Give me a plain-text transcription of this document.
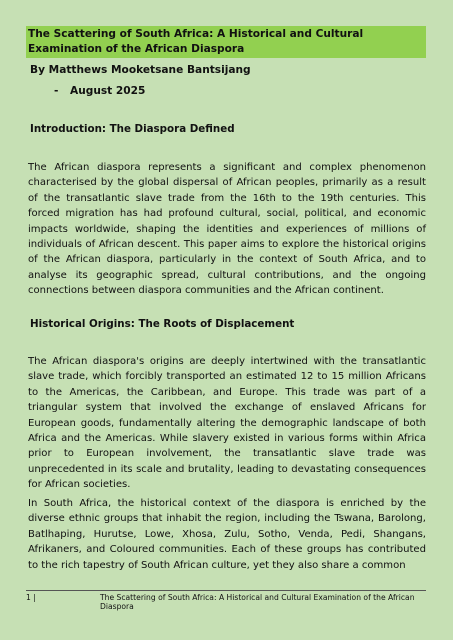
The Scattering of South Africa: A Historical and Cultural Examination of the African Diaspora
By Matthews Mooketsane Bantsijang
- August 2025
Introduction: The Diaspora Defined

The African diaspora represents a significant and complex phenomenon characterised by the global dispersal of African peoples, primarily as a result of the transatlantic slave trade from the 16th to the 19th centuries. This forced migration has had profound cultural, social, political, and economic impacts worldwide, shaping the identities and experiences of millions of individuals of African descent. This paper aims to explore the historical origins of the African diaspora, particularly in the context of South Africa, and to analyse its geographic spread, cultural contributions, and the ongoing connections between diaspora communities and the African continent.

Historical Origins: The Roots of Displacement

The African diaspora's origins are deeply intertwined with the transatlantic slave trade, which forcibly transported an estimated 12 to 15 million Africans to the Americas, the Caribbean, and Europe. This trade was part of a triangular system that involved the exchange of enslaved Africans for European goods, fundamentally altering the demographic landscape of both Africa and the Americas. While slavery existed in various forms within Africa prior to European involvement, the transatlantic slave trade was unprecedented in its scale and brutality, leading to devastating consequences for African societies.

In South Africa, the historical context of the diaspora is enriched by the diverse ethnic groups that inhabit the region, including the Tswana, Barolong, Batlhaping, Hurutse, Lowe, Xhosa, Zulu, Sotho, Venda, Pedi, Shangans, Afrikaners, and Coloured communities. Each of these groups has contributed to the rich tapestry of South African culture, yet they also share a common

1 |	The Scattering of South Africa: A Historical and Cultural Examination of the African Diaspora
